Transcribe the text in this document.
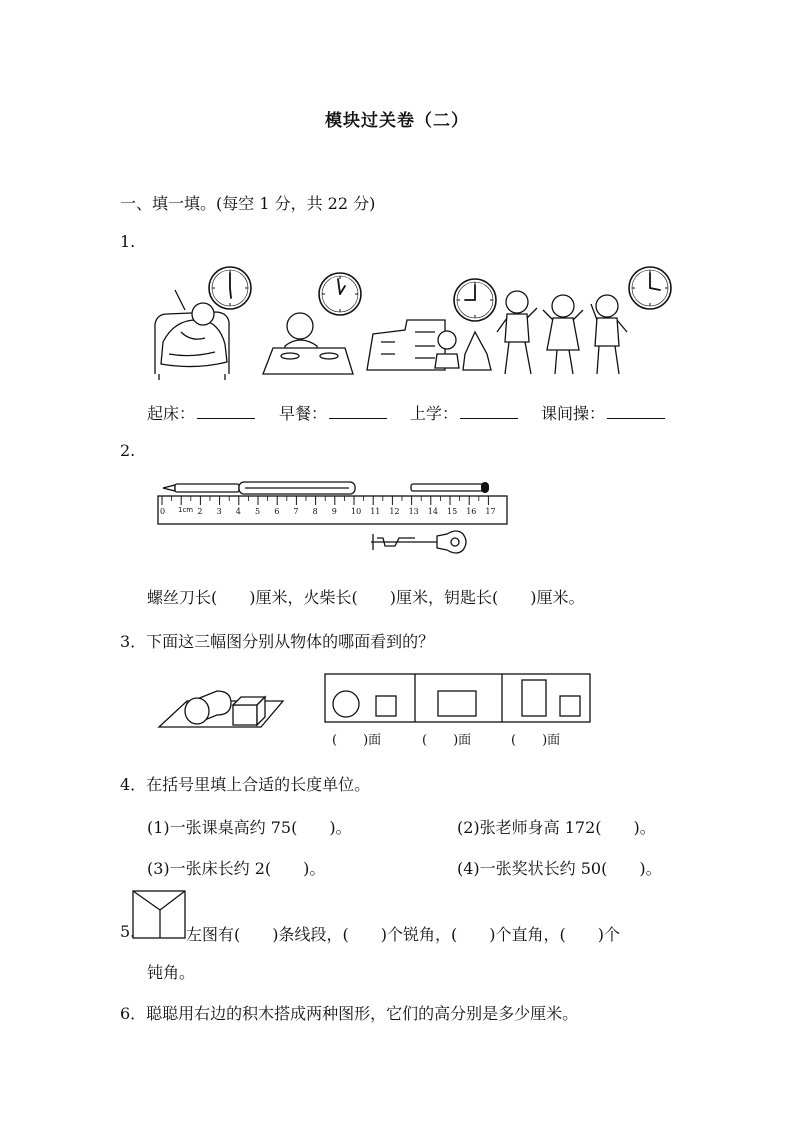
模块过关卷（二）
一、填一填。(每空 1 分，共 22 分)
1.
起床：	早餐：	上学：	课间操：
2.
0	2 3 4 5 6 7 8 9 10 11 12 13 14 15 16 17
1cm
螺丝刀长(　　)厘米，火柴长(　　)厘米，钥匙长(　　)厘米。
3．下面这三幅图分别从物体的哪面看到的？
(　　)面	(　　)面	(　　)面
4．在括号里填上合适的长度单位。
(1)一张课桌高约 75(　　)。	(2)张老师身高 172(　　)。
(3)一张床长约 2(　　)。	(4)一张奖状长约 50(　　)。
5.	左图有(　　)条线段，(　　)个锐角，(　　)个直角，(　　)个
钝角。
6．聪聪用右边的积木搭成两种图形，它们的高分别是多少厘米。
